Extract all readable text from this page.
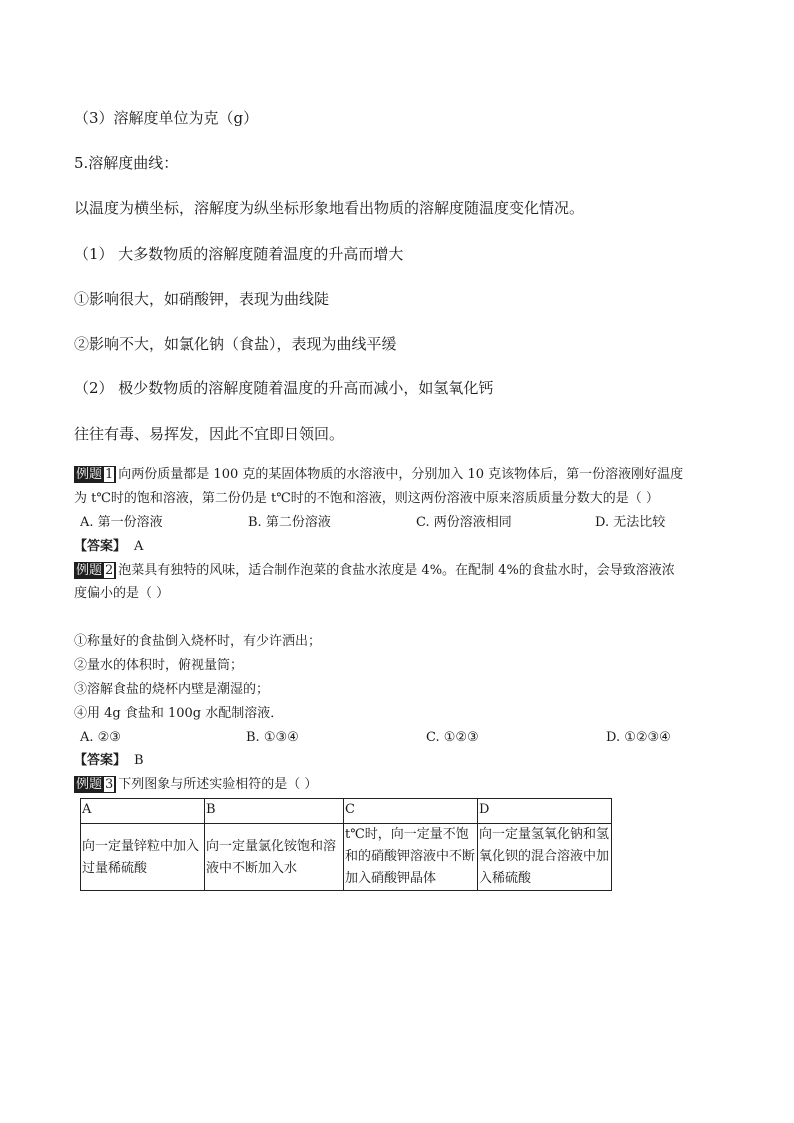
（3）溶解度单位为克（g）
5.溶解度曲线：
以温度为横坐标，溶解度为纵坐标形象地看出物质的溶解度随温度变化情况。
（1） 大多数物质的溶解度随着温度的升高而增大
①影响很大，如硝酸钾，表现为曲线陡
②影响不大，如氯化钠（食盐），表现为曲线平缓
（2） 极少数物质的溶解度随着温度的升高而减小，如氢氧化钙
往往有毒、易挥发，因此不宜即日领回。
例题 1 向两份质量都是 100 克的某固体物质的水溶液中，分别加入 10 克该物体后，第一份溶液刚好温度
为 t℃时的饱和溶液，第二份仍是 t℃时的不饱和溶液，则这两份溶液中原来溶质质量分数大的是（ ）
A. 第一份溶液	B. 第二份溶液	C. 两份溶液相同	D. 无法比较
【答案】 A
例题 2 泡菜具有独特的风味，适合制作泡菜的食盐水浓度是 4%。在配制 4%的食盐水时，会导致溶液浓
度偏小的是（ ）
①称量好的食盐倒入烧杯时，有少许洒出；
②量水的体积时，俯视量筒；
③溶解食盐的烧杯内壁是潮湿的；
④用 4g 食盐和 100g 水配制溶液．
A. ②③	B. ①③④	C. ①②③	D. ①②③④
【答案】 B
例题 3 下列图象与所述实验相符的是（ ）
A	B	C	D
向一定量锌粒中加入过量稀硫酸	向一定量氯化铵饱和溶液中不断加入水	t℃时，向一定量不饱和的硝酸钾溶液中不断加入硝酸钾晶体	向一定量氢氧化钠和氢氧化钡的混合溶液中加入稀硫酸
